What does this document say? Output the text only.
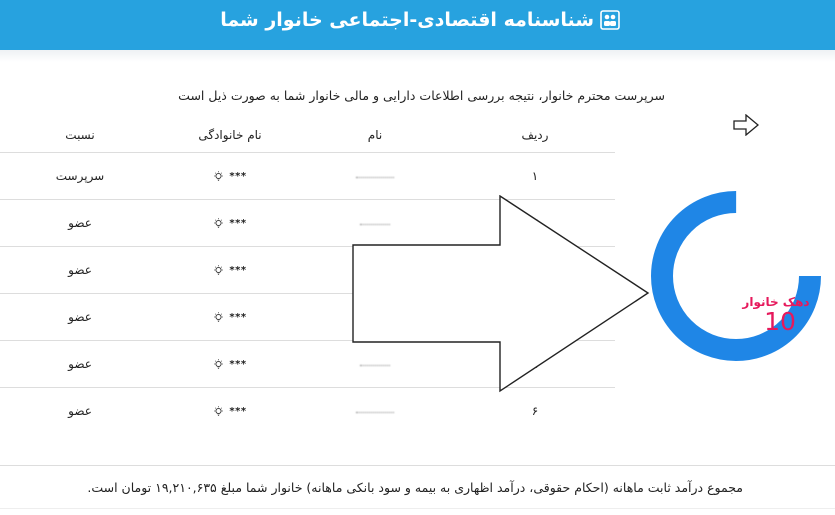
شناسنامه اقتصادی-اجتماعی خانوار شما
سرپرست محترم خانوار، نتیجه بررسی اطلاعات دارایی و مالی خانوار شما به صورت ذیل است
ردیف
نام
نام خانوادگی
نسبت
۱
***
سرپرست
***
عضو
***
عضو
***
عضو
***
عضو
۶
***
عضو
دهک خانوار
10
مجموع درآمد ثابت ماهانه (احکام حقوقی، درآمد اظهاری به بیمه و سود بانکی ماهانه) خانوار شما مبلغ ۱۹,۲۱۰,۶۳۵ تومان است.
